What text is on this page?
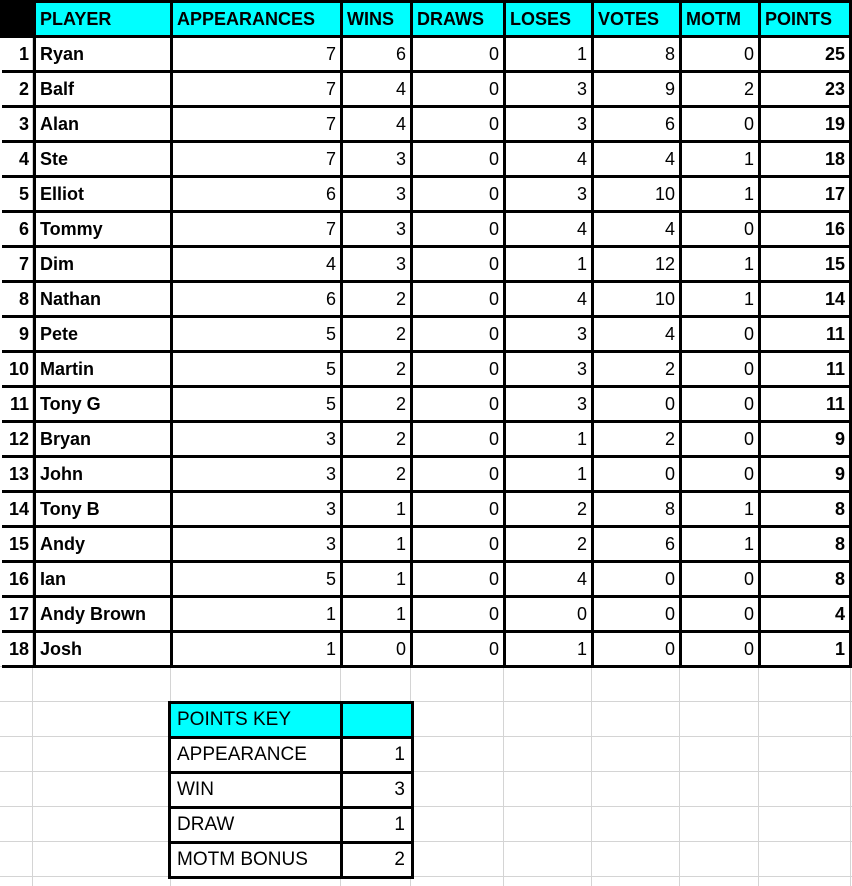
	PLAYER	APPEARANCES	WINS	DRAWS	LOSES	VOTES	MOTM	POINTS
1	Ryan	7	6	0	1	8	0	25
2	Balf	7	4	0	3	9	2	23
3	Alan	7	4	0	3	6	0	19
4	Ste	7	3	0	4	4	1	18
5	Elliot	6	3	0	3	10	1	17
6	Tommy	7	3	0	4	4	0	16
7	Dim	4	3	0	1	12	1	15
8	Nathan	6	2	0	4	10	1	14
9	Pete	5	2	0	3	4	0	11
10	Martin	5	2	0	3	2	0	11
11	Tony G	5	2	0	3	0	0	11
12	Bryan	3	2	0	1	2	0	9
13	John	3	2	0	1	0	0	9
14	Tony B	3	1	0	2	8	1	8
15	Andy	3	1	0	2	6	1	8
16	Ian	5	1	0	4	0	0	8
17	Andy Brown	1	1	0	0	0	0	4
18	Josh	1	0	0	1	0	0	1
POINTS KEY	
APPEARANCE	1
WIN	3
DRAW	1
MOTM BONUS	2
